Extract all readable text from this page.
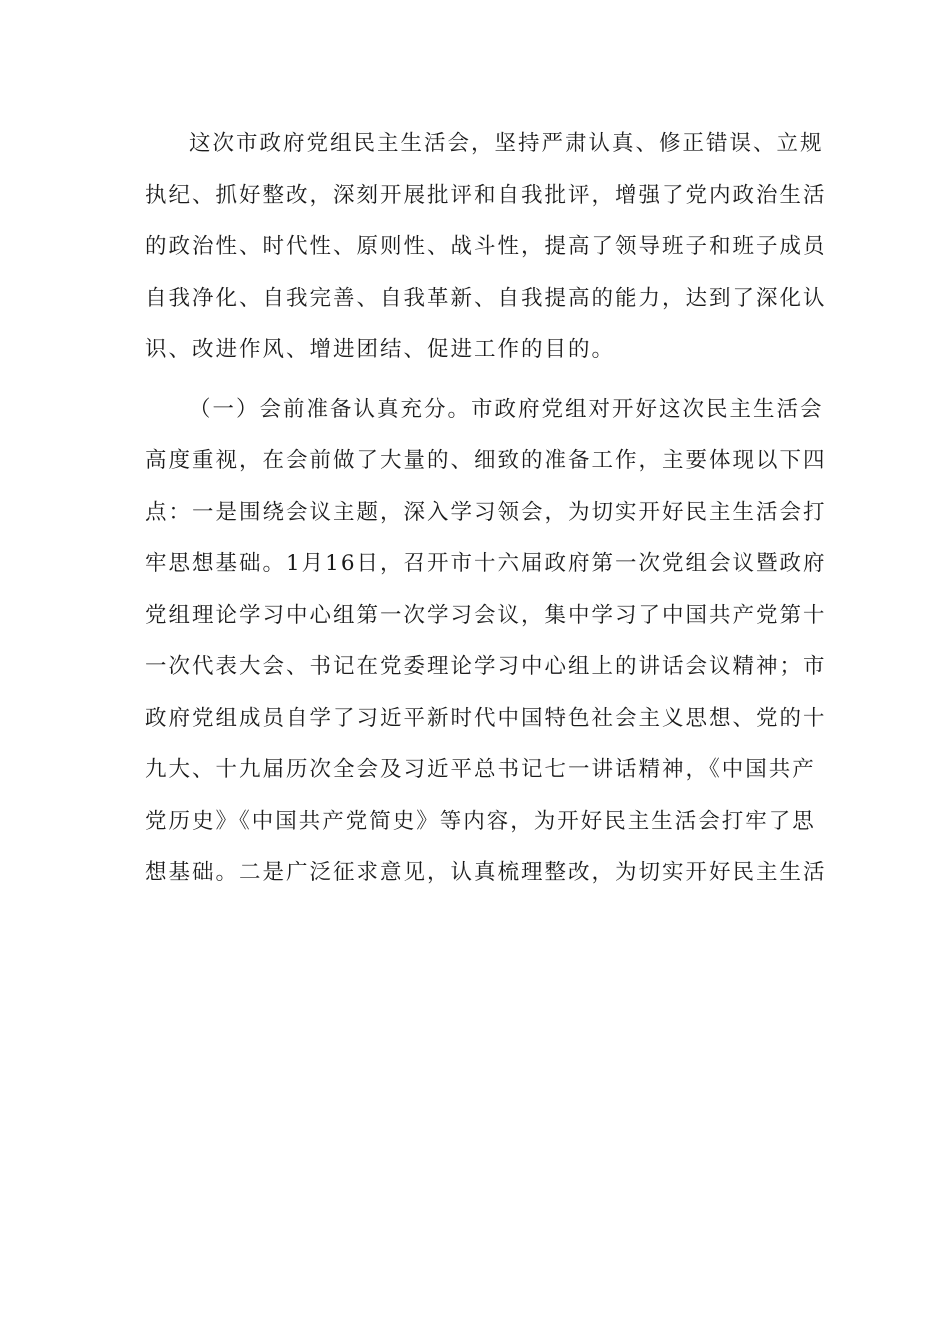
这次市政府党组民主生活会，坚持严肃认真、修正错误、立规
执纪、抓好整改，深刻开展批评和自我批评，增强了党内政治生活
的政治性、时代性、原则性、战斗性，提高了领导班子和班子成员
自我净化、自我完善、自我革新、自我提高的能力，达到了深化认
识、改进作风、增进团结、促进工作的目的。
（一）会前准备认真充分。市政府党组对开好这次民主生活会
高度重视，在会前做了大量的、细致的准备工作，主要体现以下四
点：一是围绕会议主题，深入学习领会，为切实开好民主生活会打
牢思想基础。1月16日，召开市十六届政府第一次党组会议暨政府
党组理论学习中心组第一次学习会议，集中学习了中国共产党第十
一次代表大会、书记在党委理论学习中心组上的讲话会议精神；市
政府党组成员自学了习近平新时代中国特色社会主义思想、党的十
九大、十九届历次全会及习近平总书记七一讲话精神，《中国共产
党历史》《中国共产党简史》等内容，为开好民主生活会打牢了思
想基础。二是广泛征求意见，认真梳理整改，为切实开好民主生活
